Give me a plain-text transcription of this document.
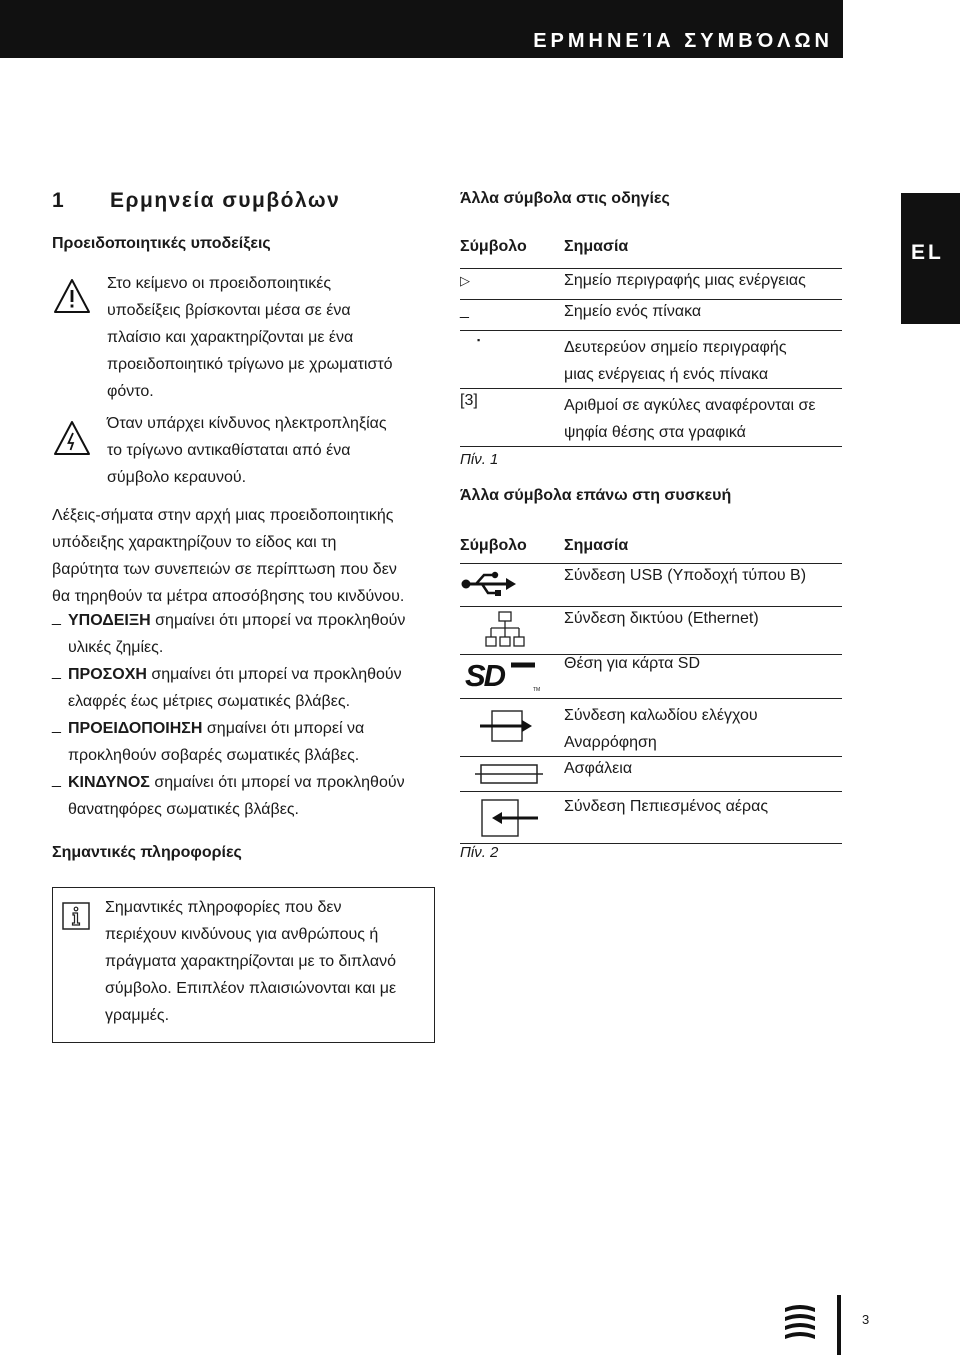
ΕΡΜΗΝΕΊΑ ΣΥΜΒΌΛΩΝ
EL
1 Ερμηνεία συμβόλων
Προειδοποιητικές υποδείξεις
Στο κείμενο οι προειδοποιητικές
υποδείξεις βρίσκονται μέσα σε ένα
πλαίσιο και χαρακτηρίζονται με ένα
προειδοποιητικό τρίγωνο με χρωματιστό
φόντο.
Όταν υπάρχει κίνδυνος ηλεκτροπληξίας
το τρίγωνο αντικαθίσταται από ένα
σύμβολο κεραυνού.
Λέξεις-σήματα στην αρχή μιας προειδοποιητικής
υπόδειξης χαρακτηρίζουν το είδος και τη
βαρύτητα των συνεπειών σε περίπτωση που δεν
θα τηρηθούν τα μέτρα αποσόβησης του κινδύνου.
_ ΥΠΟΔΕΙΞΗ σημαίνει ότι μπορεί να προκληθούν υλικές ζημίες.
_ ΠΡΟΣΟΧΗ σημαίνει ότι μπορεί να προκληθούν ελαφρές έως μέτριες σωματικές βλάβες.
_ ΠΡΟΕΙΔΟΠΟΙΗΣΗ σημαίνει ότι μπορεί να προκληθούν σοβαρές σωματικές βλάβες.
_ ΚΙΝΔΥΝΟΣ σημαίνει ότι μπορεί να προκληθούν θανατηφόρες σωματικές βλάβες.
Σημαντικές πληροφορίες
Σημαντικές πληροφορίες που δεν
περιέχουν κινδύνους για ανθρώπους ή
πράγματα χαρακτηρίζονται με το διπλανό
σύμβολο. Επιπλέον πλαισιώνονται και με
γραμμές.
Άλλα σύμβολα στις οδηγίες
Σύμβολο	Σημασία
▷	Σημείο περιγραφής μιας ενέργειας
_	Σημείο ενός πίνακα
▪	Δευτερεύον σημείο περιγραφής
μιας ενέργειας ή ενός πίνακα

[3]	Αριθμοί σε αγκύλες αναφέρονται σε
ψηφία θέσης στα γραφικά
Πίν. 1
Άλλα σύμβολα επάνω στη συσκευή
Σύμβολο	Σημασία
	Σύνδεση USB (Υποδοχή τύπου B)
	Σύνδεση δικτύου (Ethernet)

SD TM	Θέση για κάρτα SD

Σύνδεση καλωδίου ελέγχου
Αναρρόφηση

	Ασφάλεια
	Σύνδεση Πεπιεσμένος αέρας
Πίν. 2
3
